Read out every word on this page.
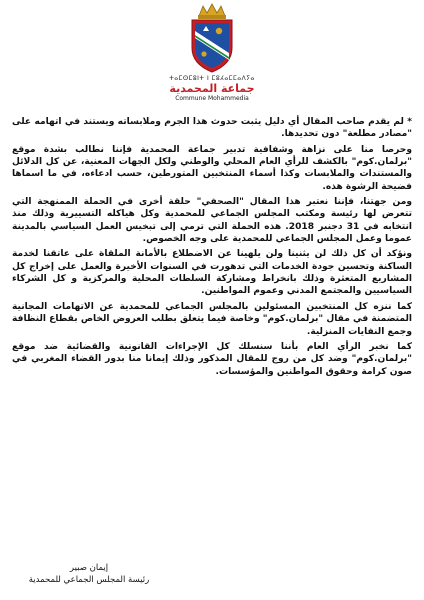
ⵜⴰⵎⵙⵎⵓⵏⵜ ⵏ ⵎⵓⵃⴰⵎⵎⴰⴷⵢⴰ
جماعة المحمدية
Commune Mohammedia

* لم يقدم صاحب المقال أي دليل يثبت حدوث هذا الجرم وملابساته ويستند في اتهامه على "مصادر مطلعة" دون تحديدها.

وحرصا منا على نزاهة وشفافية تدبير جماعة المحمدية فإننا نطالب بشدة موقع "برلمان.كوم" بالكشف للرأي العام المحلي والوطني ولكل الجهات المعنية، عن كل الدلائل والمستندات والملابسات وكذا أسماء المنتخبين المتورطين، حسب ادعاءه، في ما اسماها فضيحة الرشوة هذه.

ومن جهتنا، فإننا نعتبر هذا المقال "الصحفي" حلقة أخرى في الحملة الممنهجة التي تتعرض لها رئيسة ومكتب المجلس الجماعي للمحمدية وكل هياكله التسييرية وذلك منذ انتخابه في 31 دجنبر 2018. هذه الحملة التي ترمي إلى تبخيس العمل السياسي بالمدينة عموما وعمل المجلس الجماعي للمحمدية على وجه الخصوص.

ونؤكد أن كل ذلك لن يثنينا ولن يلهينا عن الاضطلاع بالأمانة الملقاة على عاتقنا لخدمة الساكنة وتحسين جودة الخدمات التي تدهورت في السنوات الأخيرة والعمل على إخراج كل المشاريع المتعثرة وذلك بانخراط ومشاركة السلطات المحلية والمركزية و كل الشركاء السياسيين والمجتمع المدني وعموم المواطنين.

كما ننزه كل المنتخبين المسئولين بالمجلس الجماعي للمحمدية عن الاتهامات المجانية المتضمنة في مقال "برلمان.كوم" وخاصة فيما يتعلق بطلب العروض الخاص بقطاع النظافة وجمع النفايات المنزلية.

كما نخبر الرأي العام بأننا سنسلك كل الإجراءات القانونية والقضائية ضد موقع "برلمان.كوم" وضد كل من روج للمقال المذكور وذلك إيمانا منا بدور القضاء المغربي في صون كرامة وحقوق المواطنين والمؤسسات.

إيمان صبير
رئيسة المجلس الجماعي للمحمدية
